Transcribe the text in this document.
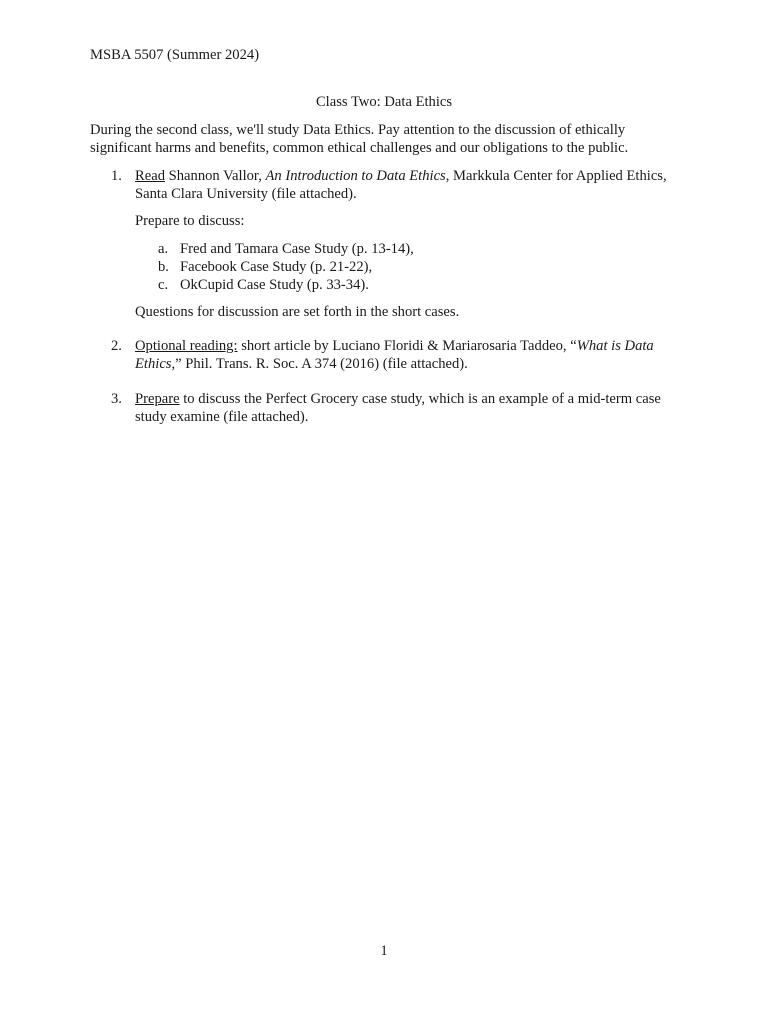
MSBA 5507 (Summer 2024)
Class Two: Data Ethics
During the second class, we'll study Data Ethics. Pay attention to the discussion of ethically significant harms and benefits, common ethical challenges and our obligations to the public.
1. Read Shannon Vallor, An Introduction to Data Ethics, Markkula Center for Applied Ethics, Santa Clara University (file attached).
Prepare to discuss:
a. Fred and Tamara Case Study (p. 13-14),
b. Facebook Case Study (p. 21-22),
c. OkCupid Case Study (p. 33-34).
Questions for discussion are set forth in the short cases.
2. Optional reading: short article by Luciano Floridi & Mariarosaria Taddeo, “What is Data Ethics,” Phil. Trans. R. Soc. A 374 (2016) (file attached).
3. Prepare to discuss the Perfect Grocery case study, which is an example of a mid-term case study examine (file attached).
1
